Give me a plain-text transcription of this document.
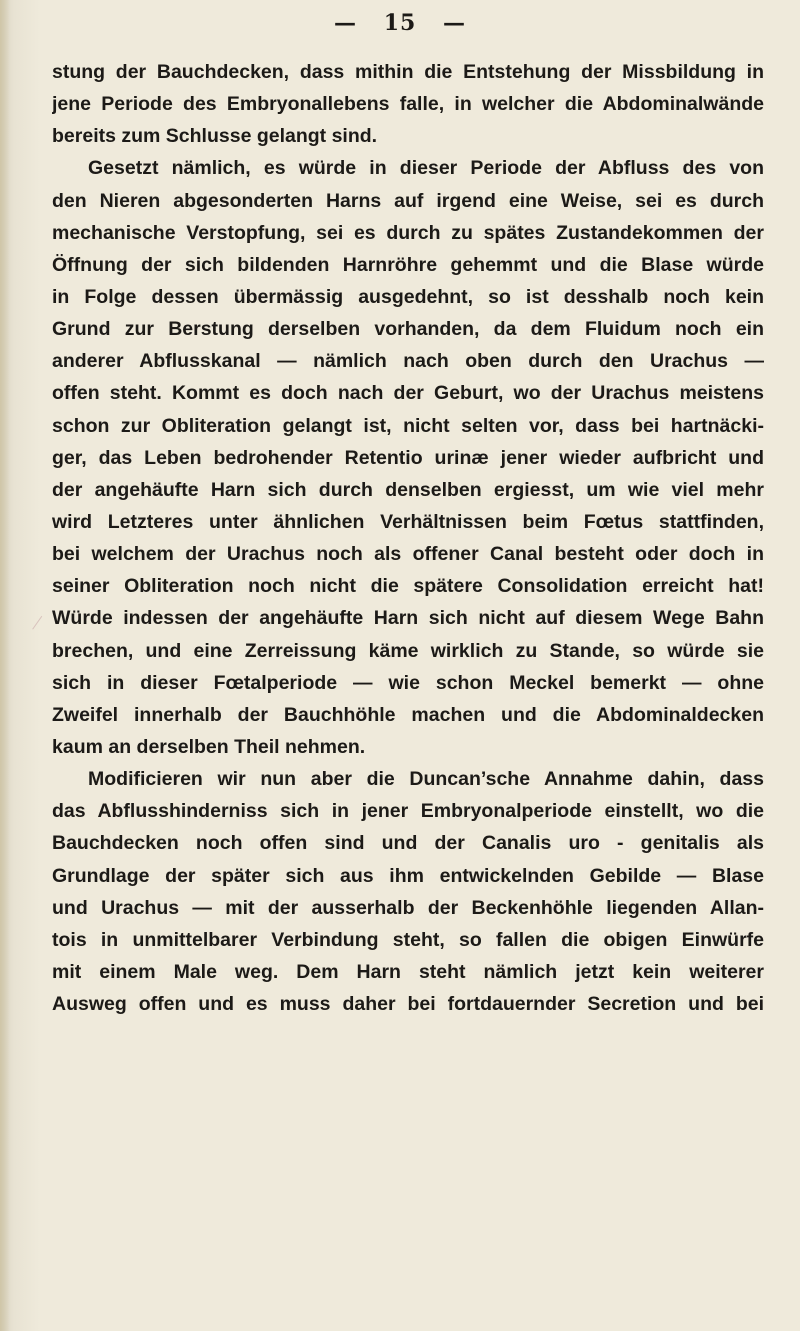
— 15 —
stung der Bauchdecken, dass mithin die Entstehung der Missbildung in
jene Periode des Embryonallebens falle, in welcher die Abdominalwände
bereits zum Schlusse gelangt sind.
Gesetzt nämlich, es würde in dieser Periode der Abfluss des von
den Nieren abgesonderten Harns auf irgend eine Weise, sei es durch
mechanische Verstopfung, sei es durch zu spätes Zustandekommen der
Öffnung der sich bildenden Harnröhre gehemmt und die Blase würde
in Folge dessen übermässig ausgedehnt, so ist desshalb noch kein
Grund zur Berstung derselben vorhanden, da dem Fluidum noch ein
anderer Abflusskanal — nämlich nach oben durch den Urachus —
offen steht. Kommt es doch nach der Geburt, wo der Urachus meistens
schon zur Obliteration gelangt ist, nicht selten vor, dass bei hartnäcki-
ger, das Leben bedrohender Retentio urinæ jener wieder aufbricht und
der angehäufte Harn sich durch denselben ergiesst, um wie viel mehr
wird Letzteres unter ähnlichen Verhältnissen beim Fœtus stattfinden,
bei welchem der Urachus noch als offener Canal besteht oder doch in
seiner Obliteration noch nicht die spätere Consolidation erreicht hat!
Würde indessen der angehäufte Harn sich nicht auf diesem Wege Bahn
brechen, und eine Zerreissung käme wirklich zu Stande, so würde sie
sich in dieser Fœtalperiode — wie schon Meckel bemerkt — ohne
Zweifel innerhalb der Bauchhöhle machen und die Abdominaldecken
kaum an derselben Theil nehmen.
Modificieren wir nun aber die Duncan’sche Annahme dahin, dass
das Abflusshinderniss sich in jener Embryonalperiode einstellt, wo die
Bauchdecken noch offen sind und der Canalis uro - genitalis als
Grundlage der später sich aus ihm entwickelnden Gebilde — Blase
und Urachus — mit der ausserhalb der Beckenhöhle liegenden Allan-
tois in unmittelbarer Verbindung steht, so fallen die obigen Einwürfe
mit einem Male weg. Dem Harn steht nämlich jetzt kein weiterer
Ausweg offen und es muss daher bei fortdauernder Secretion und bei
